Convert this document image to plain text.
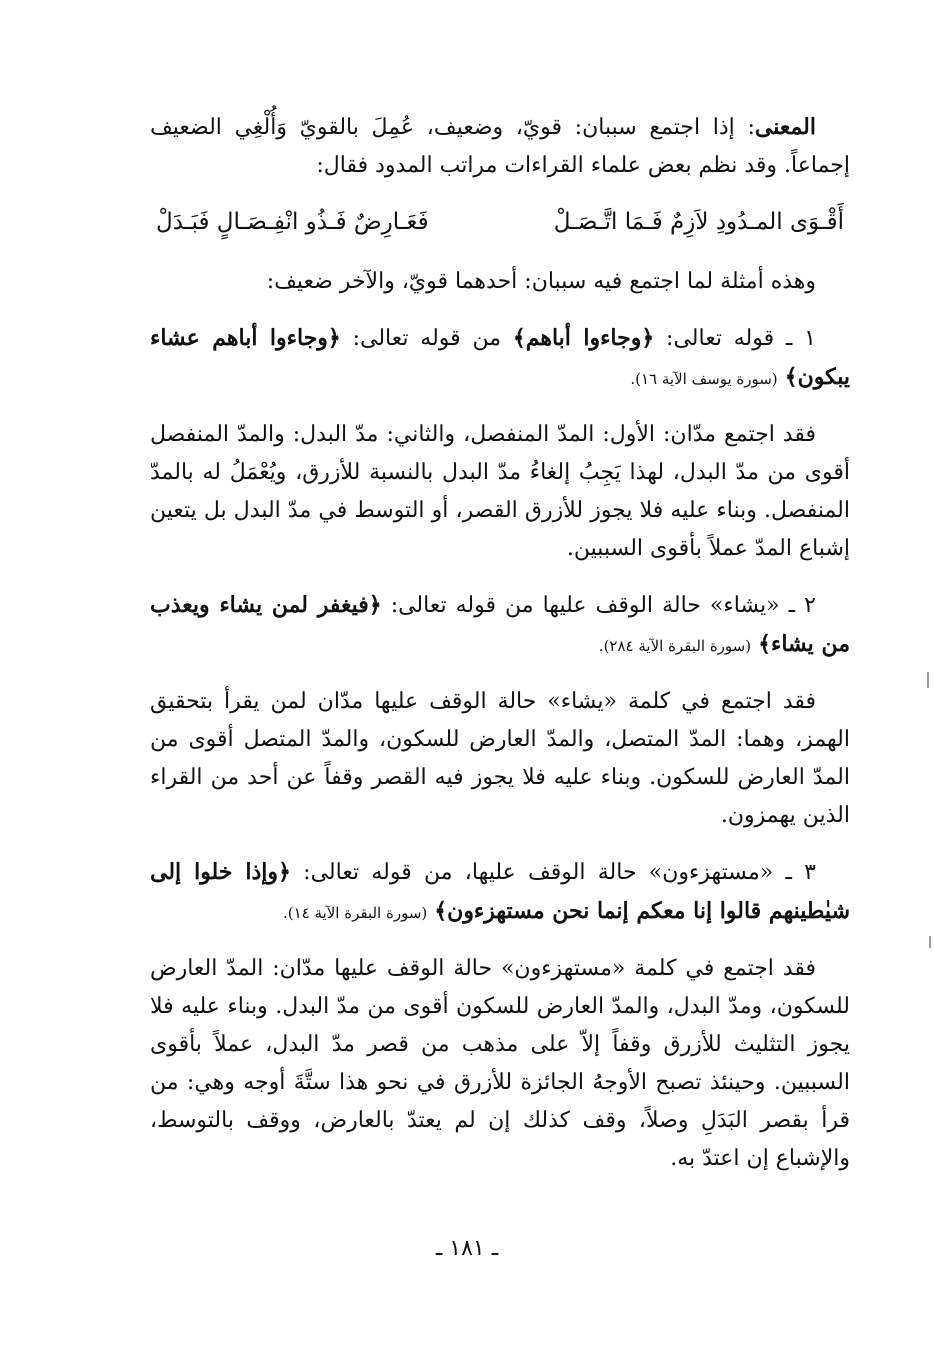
المعنى: إذا اجتمع سببان: قويّ، وضعيف، عُمِلَ بالقويّ وَأُلْغِي الضعيف إجماعاً. وقد نظم بعض علماء القراءات مراتب المدود فقال:

أَقْـوَى المـدُودِ لاَزِمٌ فَـمَا اتَّـصَـلْ
فَعَـارِضٌ فَـذُو انْفِـصَـالٍ فَبَـدَلْ

وهذه أمثلة لما اجتمع فيه سببان: أحدهما قويّ، والآخر ضعيف:

١ ـ قوله تعالى: ﴿وجاءوا أباهم﴾ من قوله تعالى: ﴿وجاءوا أباهم عشاء يبكون﴾ (سورة يوسف الآية ١٦).

فقد اجتمع مدّان: الأول: المدّ المنفصل، والثاني: مدّ البدل: والمدّ المنفصل أقوى من مدّ البدل، لهذا يَجِبُ إلغاءُ مدّ البدل بالنسبة للأزرق، ويُعْمَلُ له بالمدّ المنفصل. وبناء عليه فلا يجوز للأزرق القصر، أو التوسط في مدّ البدل بل يتعين إشباع المدّ عملاً بأقوى السببين.

٢ ـ «يشاء» حالة الوقف عليها من قوله تعالى: ﴿فيغفر لمن يشاء ويعذب من يشاء﴾ (سورة البقرة الآية ٢٨٤).

فقد اجتمع في كلمة «يشاء» حالة الوقف عليها مدّان لمن يقرأ بتحقيق الهمز، وهما: المدّ المتصل، والمدّ العارض للسكون، والمدّ المتصل أقوى من المدّ العارض للسكون. وبناء عليه فلا يجوز فيه القصر وقفاً عن أحد من القراء الذين يهمزون.

٣ ـ «مستهزءون» حالة الوقف عليها، من قوله تعالى: ﴿وإذا خلوا إلى شيٰطينهم قالوا إنا معكم إنما نحن مستهزءون﴾ (سورة البقرة الآية ١٤).

فقد اجتمع في كلمة «مستهزءون» حالة الوقف عليها مدّان: المدّ العارض للسكون، ومدّ البدل، والمدّ العارض للسكون أقوى من مدّ البدل. وبناء عليه فلا يجوز التثليث للأزرق وقفاً إلاّ على مذهب من قصر مدّ البدل، عملاً بأقوى السببين. وحينئذ تصبح الأوجهُ الجائزة للأزرق في نحو هذا ستَّةَ أوجه وهي: من قرأ بقصر البَدَلِ وصلاً، وقف كذلك إن لم يعتدّ بالعارض، ووقف بالتوسط، والإشباع إن اعتدّ به.

ـ ١٨١ ـ
